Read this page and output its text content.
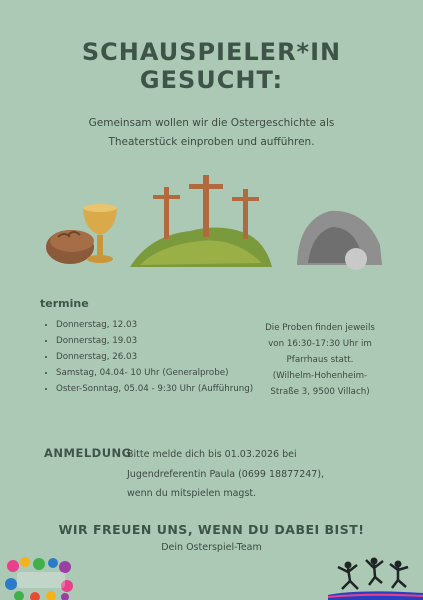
SCHAUSPIELER*IN
GESUCHT:
Gemeinsam wollen wir die Ostergeschichte als
Theaterstück einproben und aufführen.
termine
• Donnerstag, 12.03
• Donnerstag, 19.03
• Donnerstag, 26.03
• Samstag, 04.04- 10 Uhr (Generalprobe)
• Oster-Sonntag, 05.04 - 9:30 Uhr (Aufführung)
Die Proben finden jeweils
von 16:30-17:30 Uhr im
Pfarrhaus statt.
(Wilhelm-Hohenheim-
Straße 3, 9500 Villach)
ANMELDUNG
Bitte melde dich bis 01.03.2026 bei
Jugendreferentin Paula (0699 18877247),
wenn du mitspielen magst.
WIR FREUEN UNS, WENN DU DABEI BIST!
Dein Osterspiel-Team
